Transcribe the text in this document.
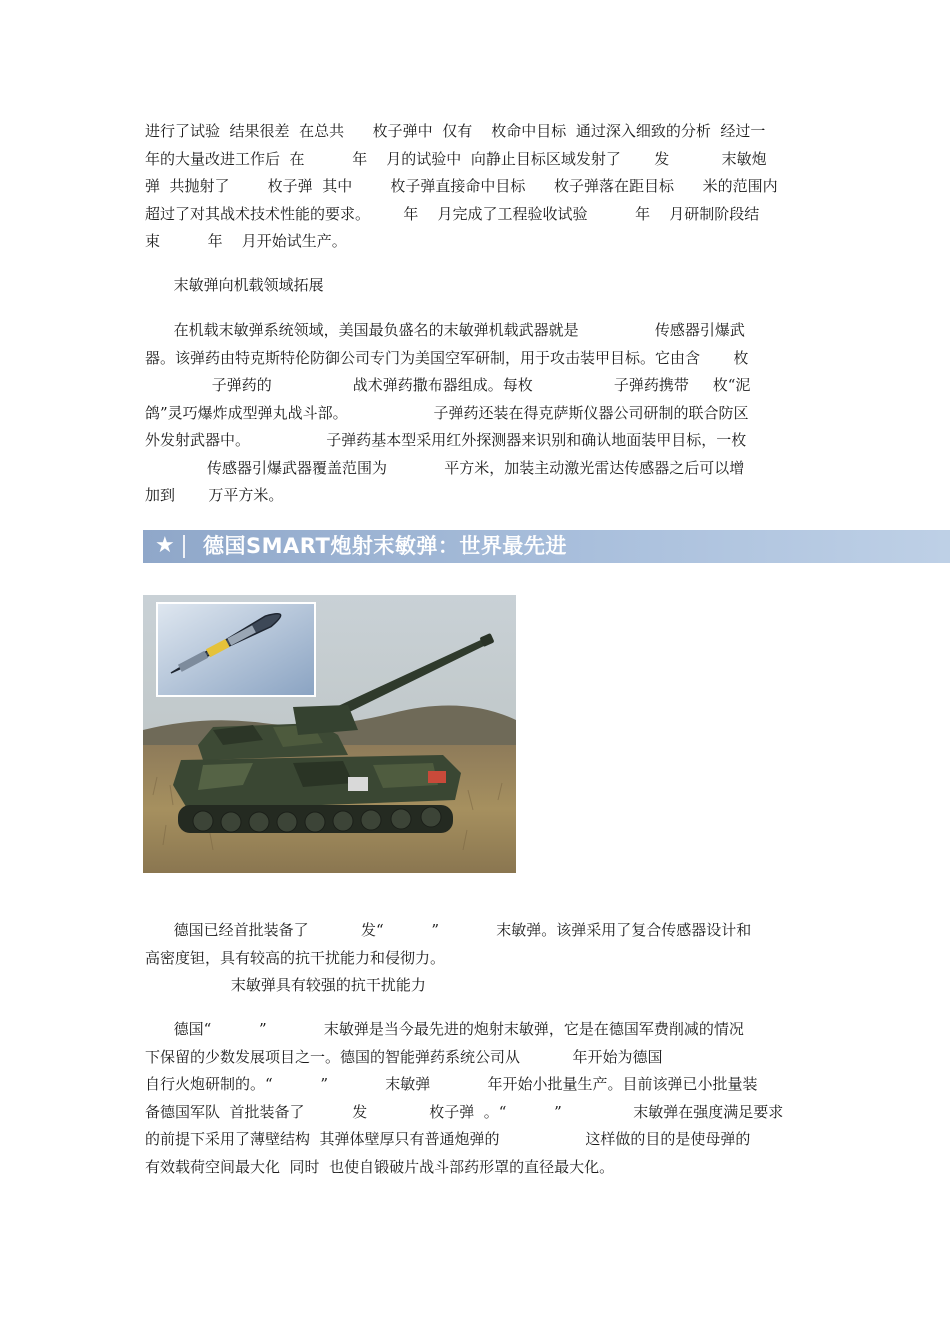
进行了试验  结果很差  在总共      枚子弹中  仅有    枚命中目标  通过深入细致的分析  经过一
年的大量改进工作后  在          年    月的试验中  向静止目标区域发射了       发           末敏炮
弹  共抛射了        枚子弹  其中        枚子弹直接命中目标      枚子弹落在距目标      米的范围内
超过了对其战术技术性能的要求。       年    月完成了工程验收试验          年    月研制阶段结
束          年    月开始试生产。
末敏弹向机载领域拓展
在机载末敏弹系统领域，美国最负盛名的末敏弹机载武器就是                传感器引爆武
器。该弹药由特克斯特伦防御公司专门为美国空军研制，用于攻击装甲目标。它由含       枚
子弹药的                 战术弹药撒布器组成。每枚                 子弹药携带     枚“泥
鸽”灵巧爆炸成型弹丸战斗部。                  子弹药还装在得克萨斯仪器公司研制的联合防区
外发射武器中。                子弹药基本型采用红外探测器来识别和确认地面装甲目标，一枚
传感器引爆武器覆盖范围为            平方米，加装主动激光雷达传感器之后可以增
加到       万平方米。
★ 德国SMART炮射末敏弹：世界最先进
德国已经首批装备了           发“          ”            末敏弹。该弹采用了复合传感器设计和
高密度钽，具有较高的抗干扰能力和侵彻力。
末敏弹具有较强的抗干扰能力
德国“          ”            末敏弹是当今最先进的炮射末敏弹，它是在德国军费削减的情况
下保留的少数发展项目之一。德国的智能弹药系统公司从           年开始为德国
自行火炮研制的。“          ”            末敏弹            年开始小批量生产。目前该弹已小批量装
备德国军队  首批装备了          发             枚子弹  。“          ”               末敏弹在强度满足要求
的前提下采用了薄壁结构  其弹体壁厚只有普通炮弹的                  这样做的目的是使母弹的
有效载荷空间最大化  同时  也使自锻破片战斗部药形罩的直径最大化。
